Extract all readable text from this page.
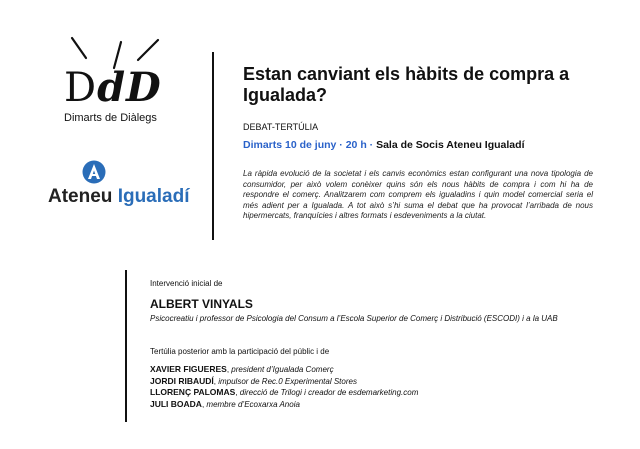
DdD
Dimarts de Diàlegs
Ateneu Igualadí
Estan canviant els hàbits de compra a Igualada?
DEBAT-TERTÚLIA
Dimarts 10 de juny · 20 h · Sala de Socis Ateneu Igualadí
La ràpida evolució de la societat i els canvis econòmics estan configurant una nova tipologia de consumidor, per això volem conèixer quins són els nous hàbits de compra i com hi ha de respondre el comerç. Analitzarem com comprem els igualadins i quin model comercial seria el més adient per a Igualada. A tot això s’hi suma el debat que ha provocat l’arribada de nous hipermercats, franquícies i altres formats i esdeveniments a la ciutat.
Intervenció inicial de
ALBERT VINYALS
Psicocreatiu i professor de Psicologia del Consum a l’Escola Superior de Comerç i Distribució (ESCODI) i a la UAB
Tertúlia posterior amb la participació del públic i de
XAVIER FIGUERES, president d’Igualada Comerç
JORDI RIBAUDÍ, impulsor de Rec.0 Experimental Stores
LLORENÇ PALOMAS, direcció de Trilogi i creador de esdemarketing.com
JULI BOADA, membre d’Ecoxarxa Anoia
